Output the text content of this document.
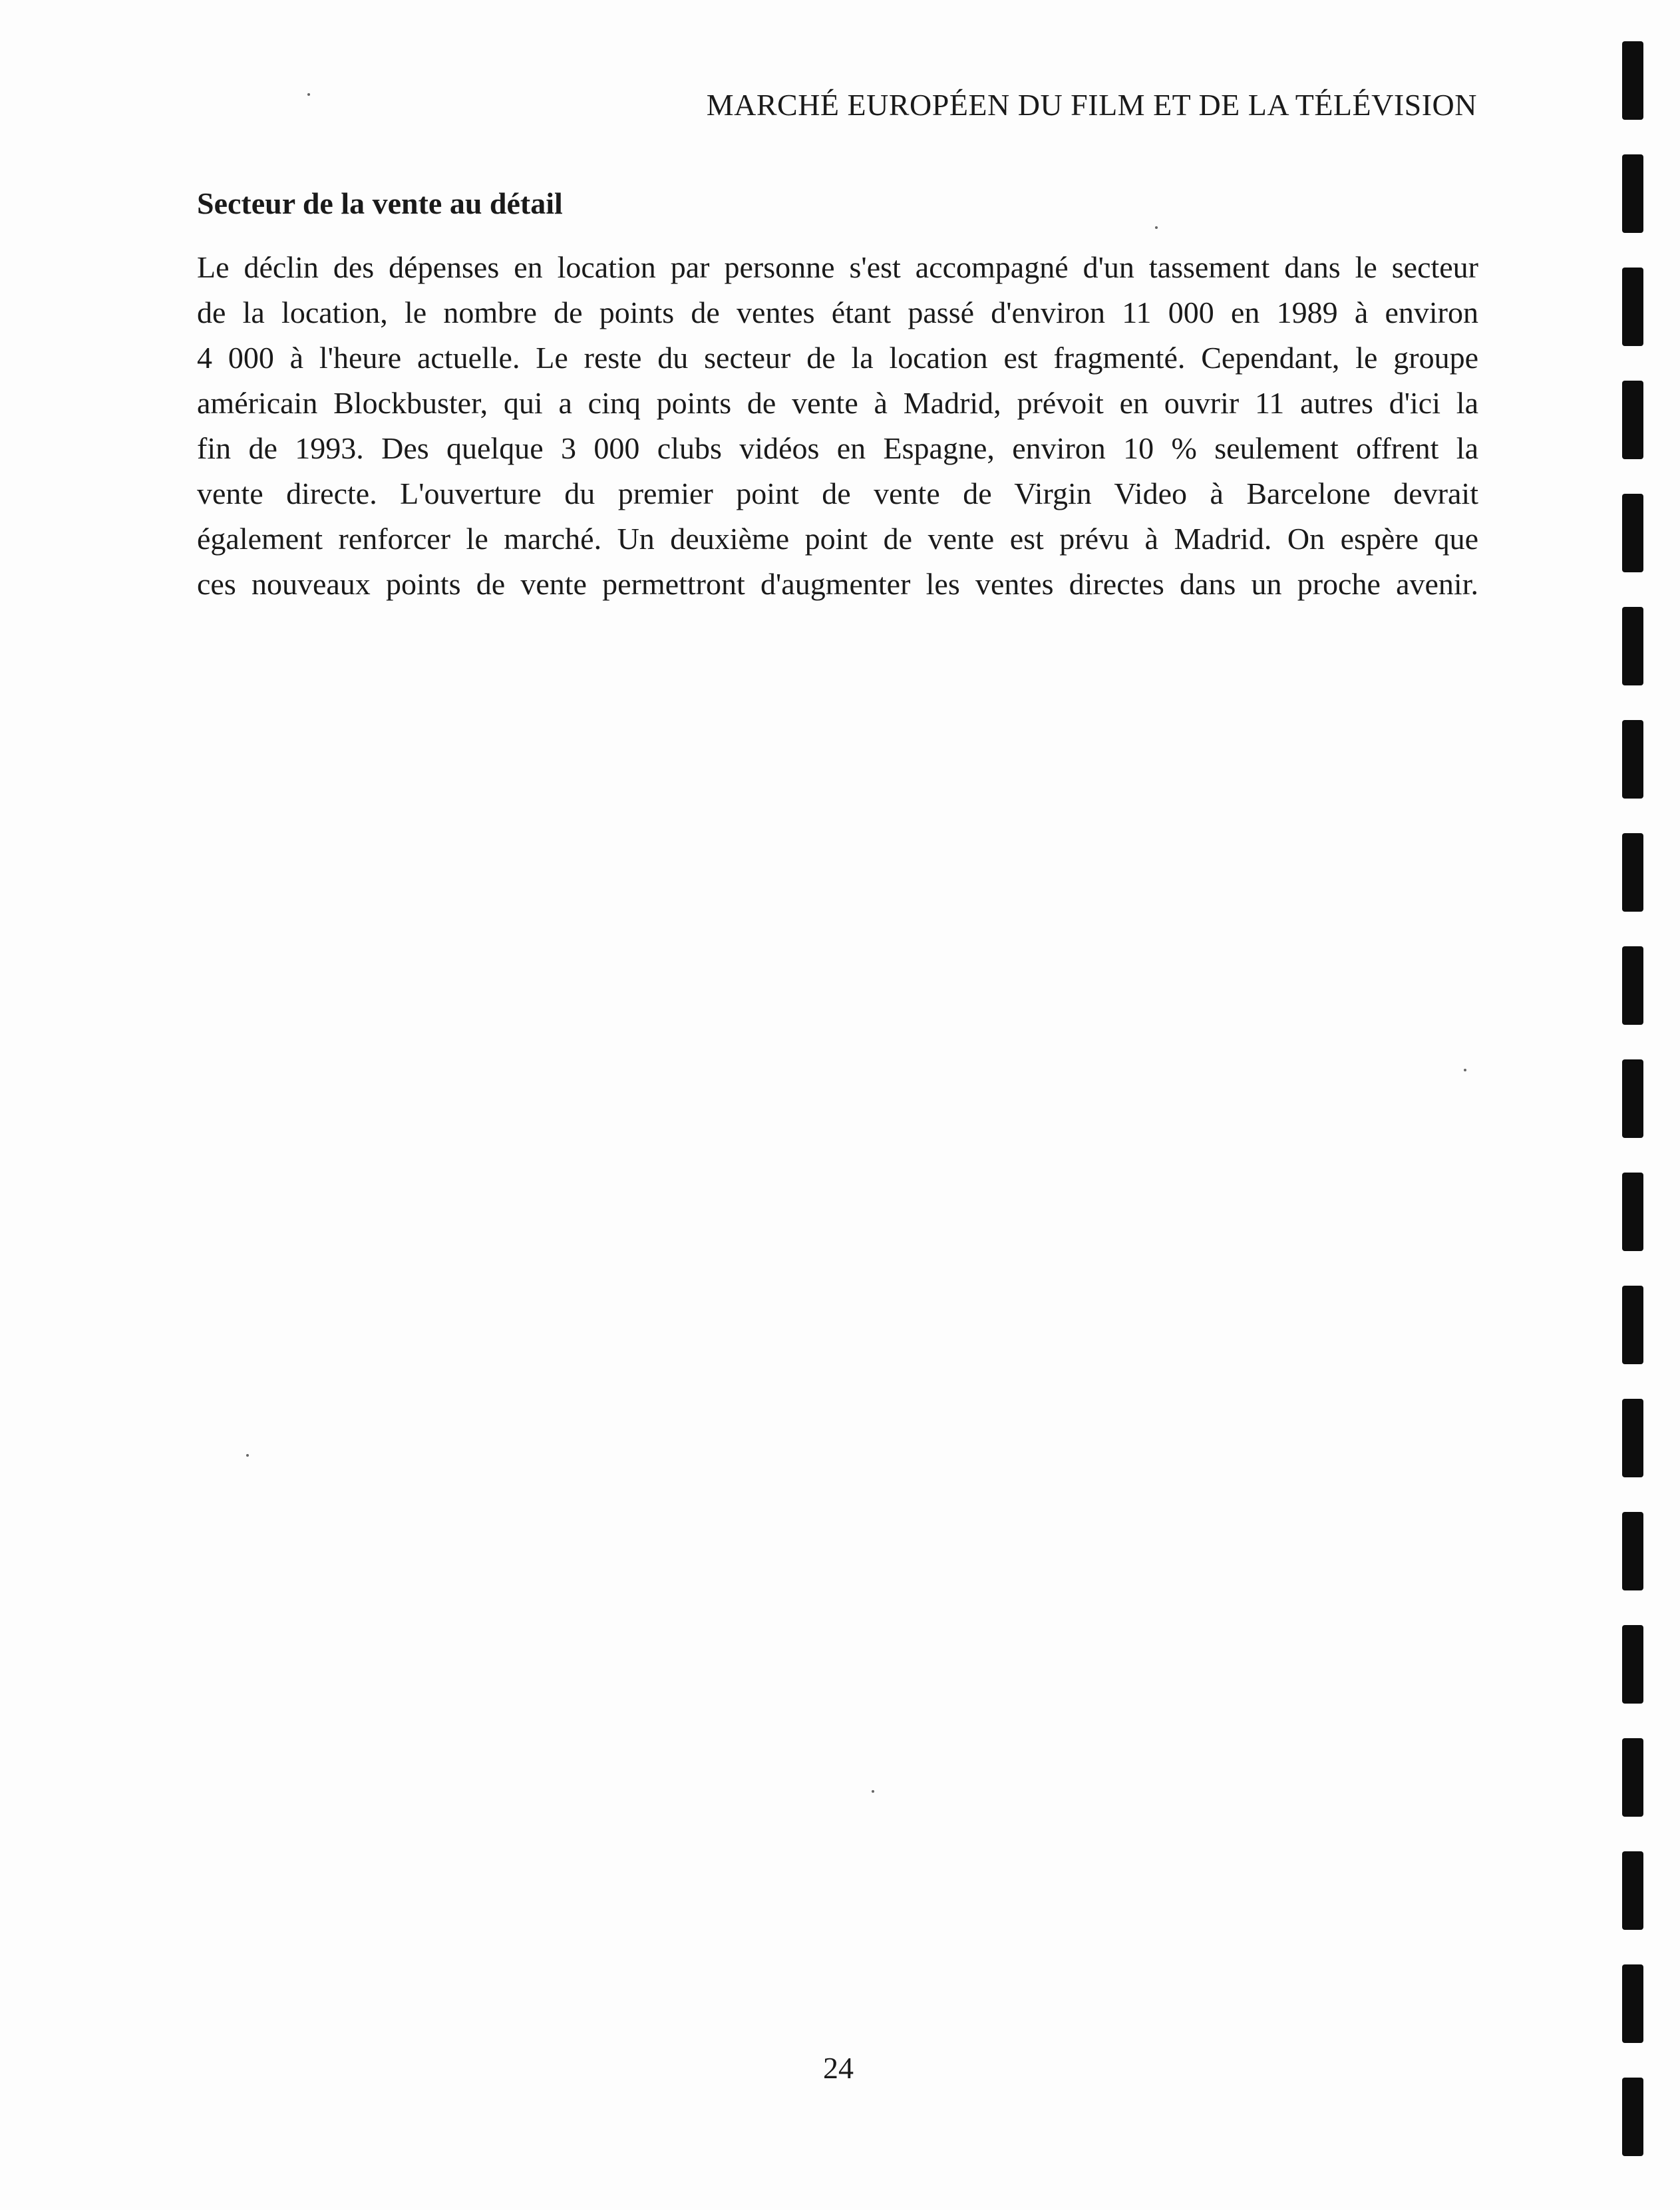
MARCHÉ EUROPÉEN DU FILM ET DE LA TÉLÉVISION
Secteur de la vente au détail
Le déclin des dépenses en location par personne s'est accompagné d'un tassement dans le secteur
de la location, le nombre de points de ventes étant passé d'environ 11 000 en 1989 à environ
4 000 à l'heure actuelle. Le reste du secteur de la location est fragmenté. Cependant, le groupe
américain Blockbuster, qui a cinq points de vente à Madrid, prévoit en ouvrir 11 autres d'ici la
fin de 1993. Des quelque 3 000 clubs vidéos en Espagne, environ 10 % seulement offrent la
vente directe. L'ouverture du premier point de vente de Virgin Video à Barcelone devrait
également renforcer le marché. Un deuxième point de vente est prévu à Madrid. On espère que
ces nouveaux points de vente permettront d'augmenter les ventes directes dans un proche avenir.
24
